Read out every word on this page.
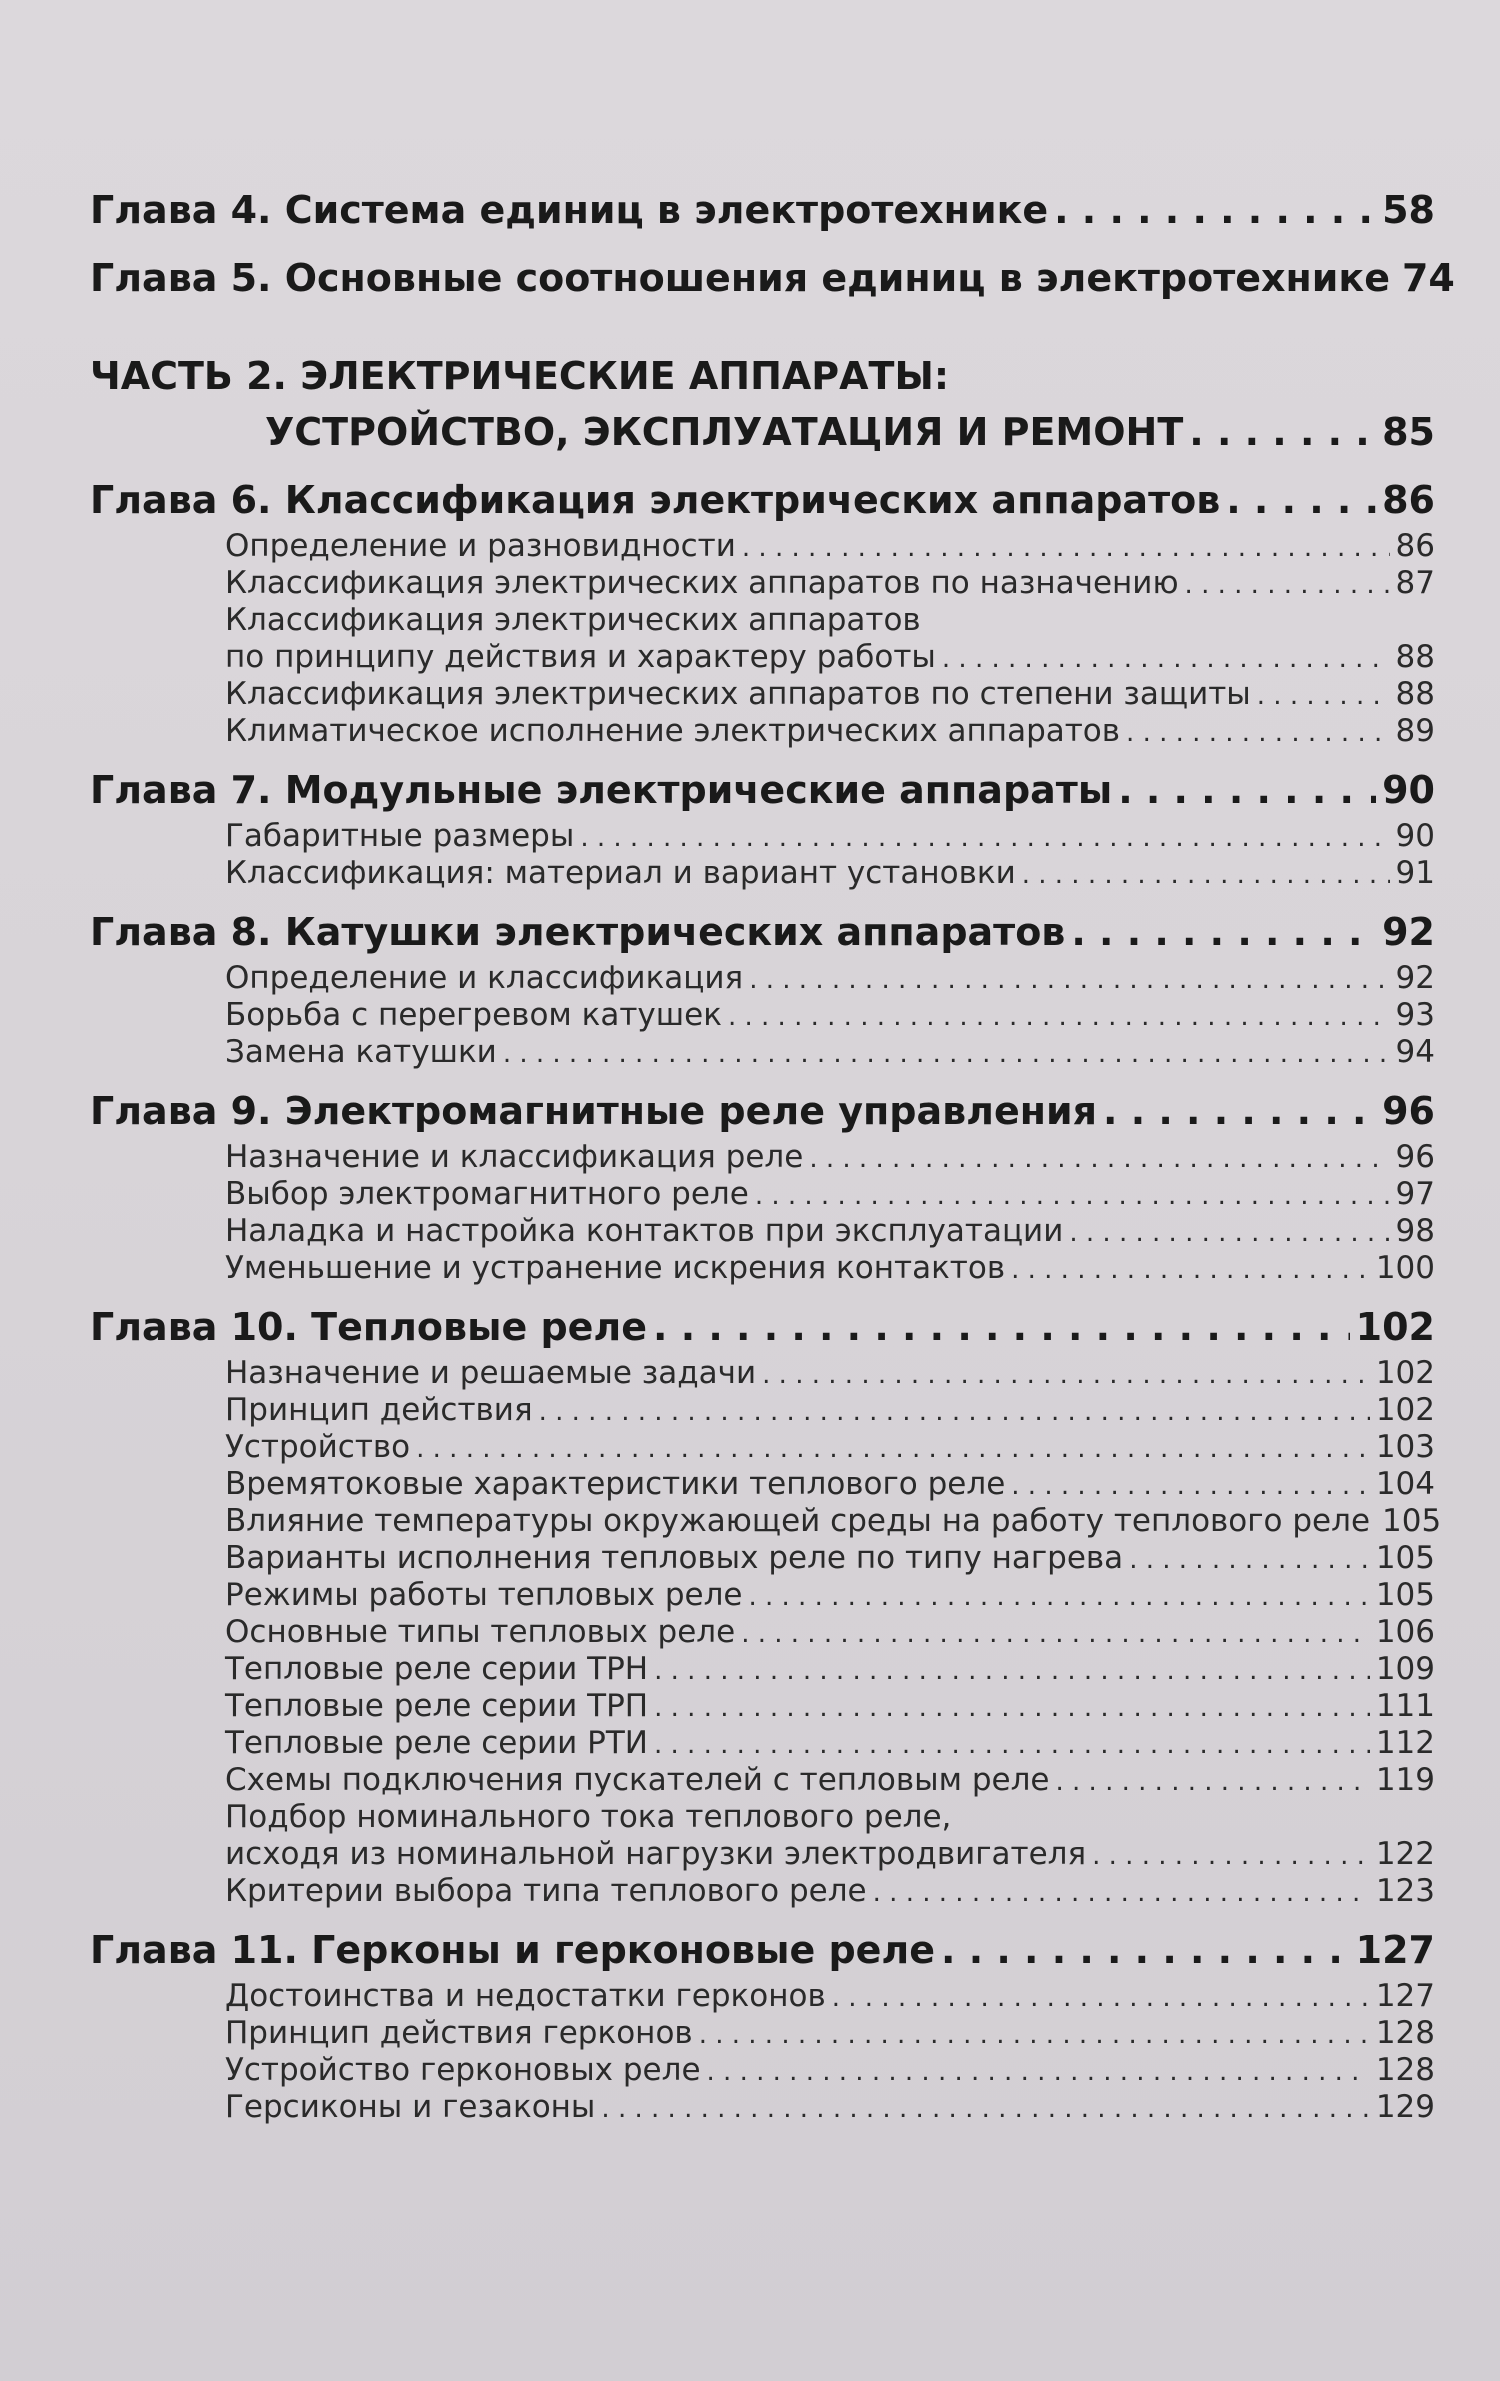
Глава 4. Система единиц в электротехнике . . .	58
Глава 5. Основные соотношения единиц в электротехнике 74
ЧАСТЬ 2. ЭЛЕКТРИЧЕСКИЕ АППАРАТЫ:
УСТРОЙСТВО, ЭКСПЛУАТАЦИЯ И РЕМОНТ . . .	85
Глава 6. Классификация электрических аппаратов . . .	86
Определение и разновидности . . .	86
Классификация электрических аппаратов по назначению . . .	87
Классификация электрических аппаратов
по принципу действия и характеру работы . . .	88
Классификация электрических аппаратов по степени защиты . . .	88
Климатическое исполнение электрических аппаратов . . .	89
Глава 7. Модульные электрические аппараты . . .	90
Габаритные размеры . . .	90
Классификация: материал и вариант установки . . .	91
Глава 8. Катушки электрических аппаратов . . .	92
Определение и классификация . . .	92
Борьба с перегревом катушек . . .	93
Замена катушки . . .	94
Глава 9. Электромагнитные реле управления . . .	96
Назначение и классификация реле . . .	96
Выбор электромагнитного реле . . .	97
Наладка и настройка контактов при эксплуатации . . .	98
Уменьшение и устранение искрения контактов . . .	100
Глава 10. Тепловые реле . . .	102
Назначение и решаемые задачи . . .	102
Принцип действия . . .	102
Устройство . . .	103
Времятоковые характеристики теплового реле . . .	104
Влияние температуры окружающей среды на работу теплового реле 105
Варианты исполнения тепловых реле по типу нагрева . . .	105
Режимы работы тепловых реле . . .	105
Основные типы тепловых реле . . .	106
Тепловые реле серии ТРН . . .	109
Тепловые реле серии ТРП . . .	111
Тепловые реле серии РТИ . . .	112
Схемы подключения пускателей с тепловым реле . . .	119
Подбор номинального тока теплового реле,
исходя из номинальной нагрузки электродвигателя . . .	122
Критерии выбора типа теплового реле . . .	123
Глава 11. Герконы и герконовые реле . . .	127
Достоинства и недостатки герконов . . .	127
Принцип действия герконов . . .	128
Устройство герконовых реле . . .	128
Герсиконы и гезаконы . . .	129
